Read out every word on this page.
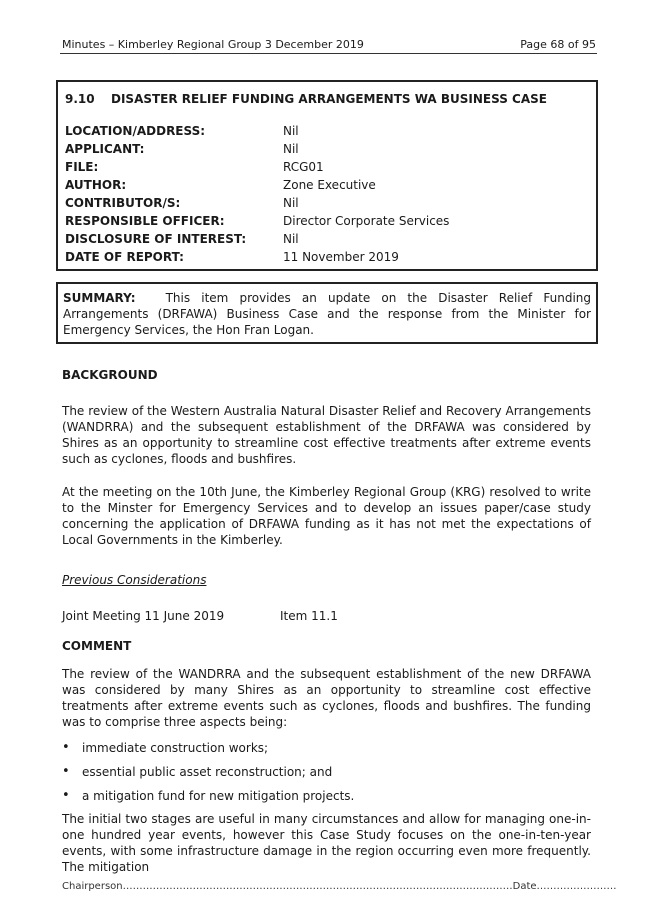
Minutes – Kimberley Regional Group 3 December 2019	Page 68 of 95
9.10 DISASTER RELIEF FUNDING ARRANGEMENTS WA BUSINESS CASE
LOCATION/ADDRESS:	Nil
APPLICANT:	Nil
FILE:	RCG01
AUTHOR:	Zone Executive
CONTRIBUTOR/S:	Nil
RESPONSIBLE OFFICER:	Director Corporate Services
DISCLOSURE OF INTEREST:	Nil
DATE OF REPORT:	11 November 2019
SUMMARY:	This item provides an update on the Disaster Relief Funding Arrangements (DRFAWA) Business Case and the response from the Minister for Emergency Services, the Hon Fran Logan.
BACKGROUND
The review of the Western Australia Natural Disaster Relief and Recovery Arrangements (WANDRRA) and the subsequent establishment of the DRFAWA was considered by Shires as an opportunity to streamline cost effective treatments after extreme events such as cyclones, floods and bushfires.
At the meeting on the 10th June, the Kimberley Regional Group (KRG) resolved to write to the Minster for Emergency Services and to develop an issues paper/case study concerning the application of DRFAWA funding as it has not met the expectations of Local Governments in the Kimberley.
Previous Considerations
Joint Meeting 11 June 2019	Item 11.1
COMMENT
The review of the WANDRRA and the subsequent establishment of the new DRFAWA was considered by many Shires as an opportunity to streamline cost effective treatments after extreme events such as cyclones, floods and bushfires. The funding was to comprise three aspects being:
• immediate construction works;
• essential public asset reconstruction; and
• a mitigation fund for new mitigation projects.
The initial two stages are useful in many circumstances and allow for managing one-in-one hundred year events, however this Case Study focuses on the one-in-ten-year events, with some infrastructure damage in the region occurring even more frequently. The mitigation
Chairperson………………………………………………………………………………………………………Date……………………
